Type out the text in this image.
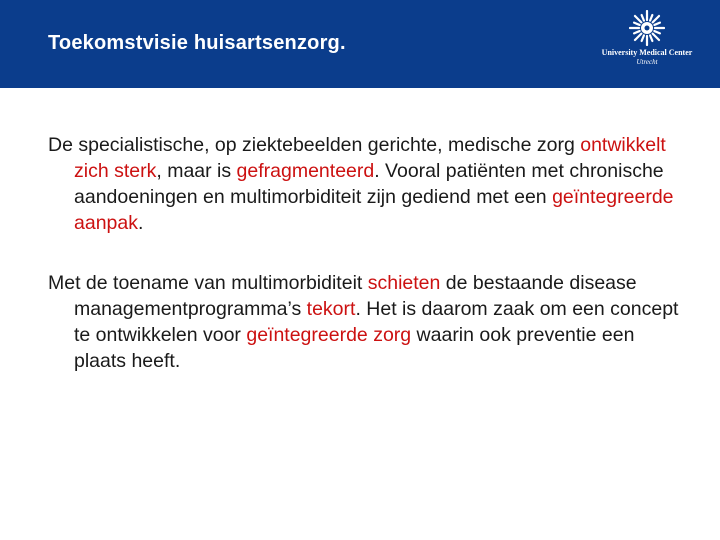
Toekomstvisie huisartsenzorg.	University Medical Center
Utrecht

De specialistische, op ziektebeelden gerichte, medische zorg ontwikkelt zich sterk, maar is gefragmenteerd. Vooral patiënten met chronische aandoeningen en multimorbiditeit zijn gediend met een geïntegreerde aanpak.

Met de toename van multimorbiditeit schieten de bestaande disease managementprogramma’s tekort. Het is daarom zaak om een concept te ontwikkelen voor geïntegreerde zorg waarin ook preventie een plaats heeft.
